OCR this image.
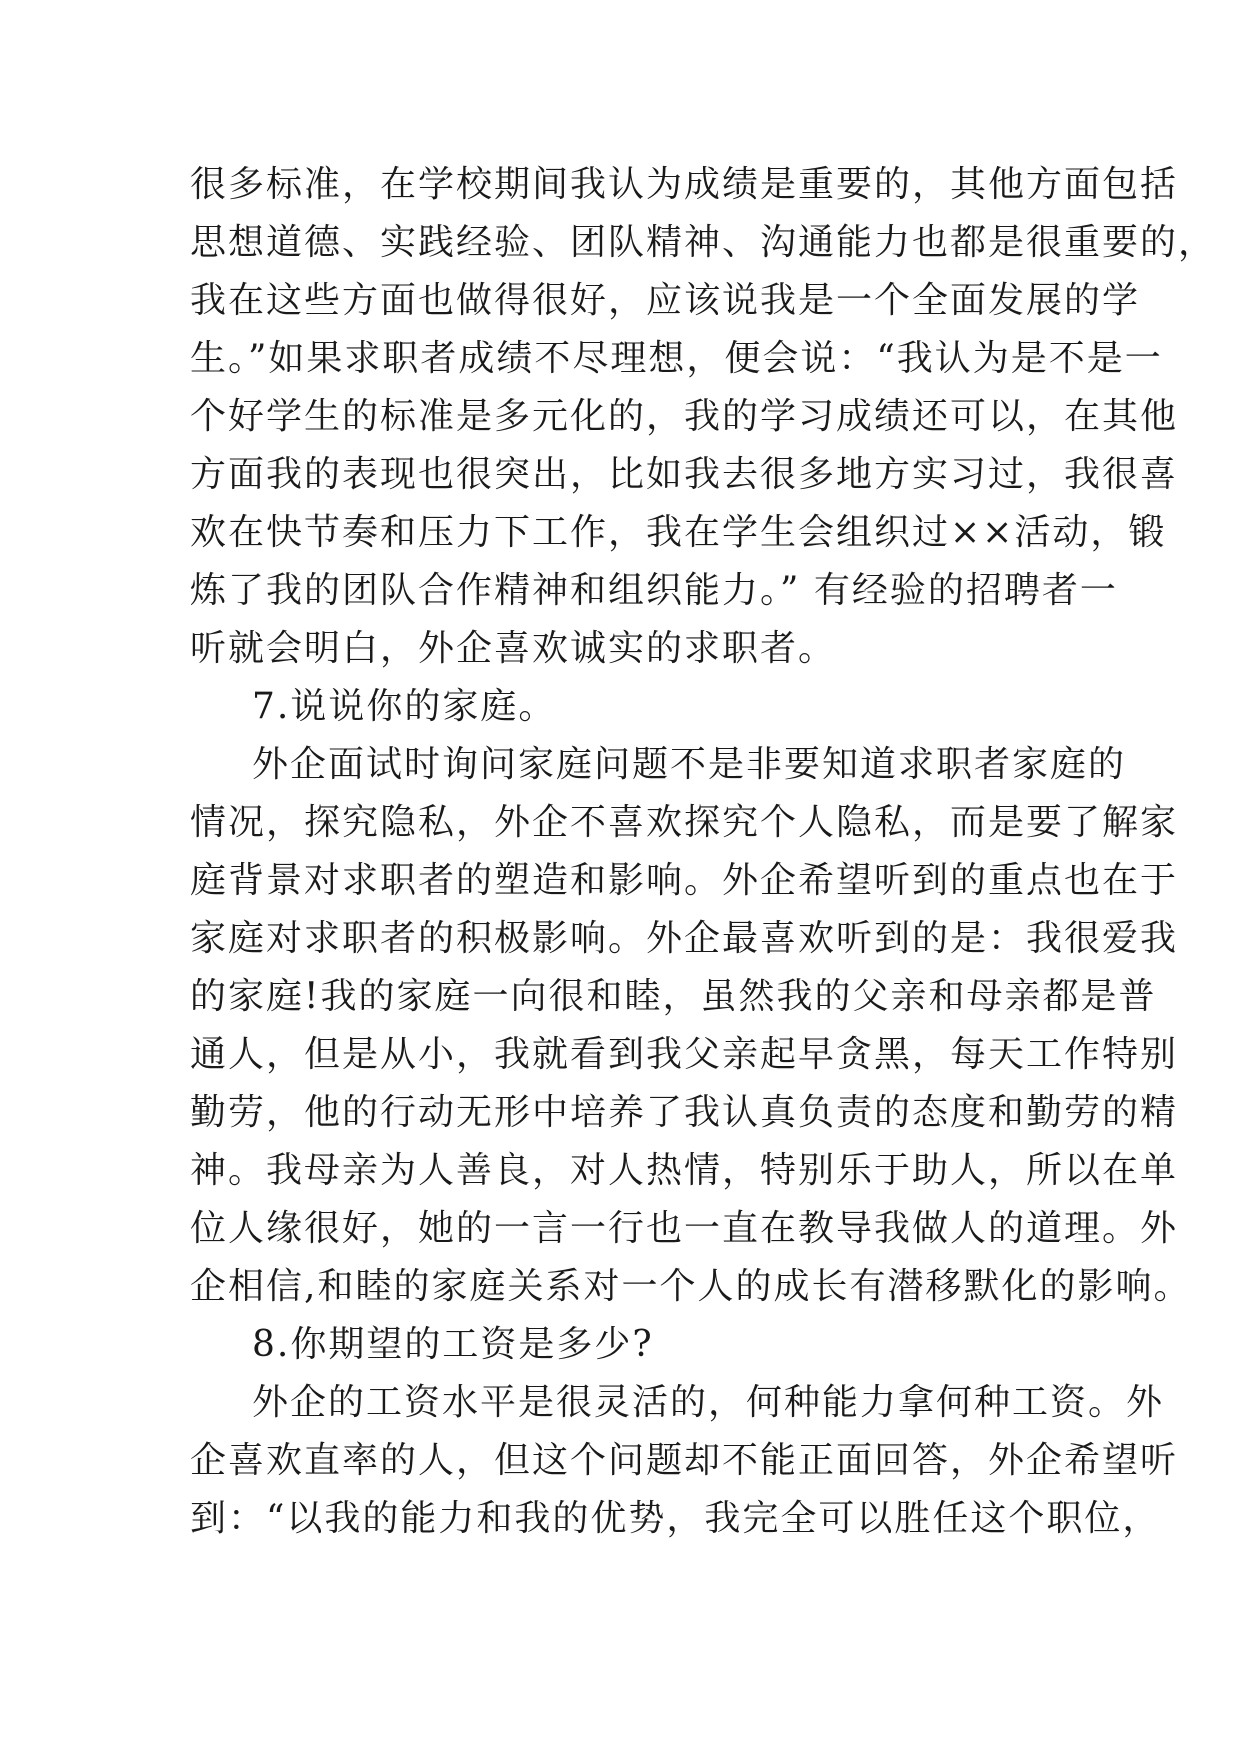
很多标准，在学校期间我认为成绩是重要的，其他方面包括
思想道德、实践经验、团队精神、沟通能力也都是很重要的，
我在这些方面也做得很好，应该说我是一个全面发展的学
生。”如果求职者成绩不尽理想，便会说：“我认为是不是一
个好学生的标准是多元化的，我的学习成绩还可以，在其他
方面我的表现也很突出，比如我去很多地方实习过，我很喜
欢在快节奏和压力下工作，我在学生会组织过××活动，锻
炼了我的团队合作精神和组织能力。” 有经验的招聘者一
听就会明白，外企喜欢诚实的求职者。
7.说说你的家庭。
外企面试时询问家庭问题不是非要知道求职者家庭的
情况，探究隐私，外企不喜欢探究个人隐私，而是要了解家
庭背景对求职者的塑造和影响。外企希望听到的重点也在于
家庭对求职者的积极影响。外企最喜欢听到的是：我很爱我
的家庭!我的家庭一向很和睦，虽然我的父亲和母亲都是普
通人，但是从小，我就看到我父亲起早贪黑，每天工作特别
勤劳，他的行动无形中培养了我认真负责的态度和勤劳的精
神。我母亲为人善良，对人热情，特别乐于助人，所以在单
位人缘很好，她的一言一行也一直在教导我做人的道理。外
企相信,和睦的家庭关系对一个人的成长有潜移默化的影响。
8.你期望的工资是多少?
外企的工资水平是很灵活的，何种能力拿何种工资。外
企喜欢直率的人，但这个问题却不能正面回答，外企希望听
到：“以我的能力和我的优势，我完全可以胜任这个职位，
